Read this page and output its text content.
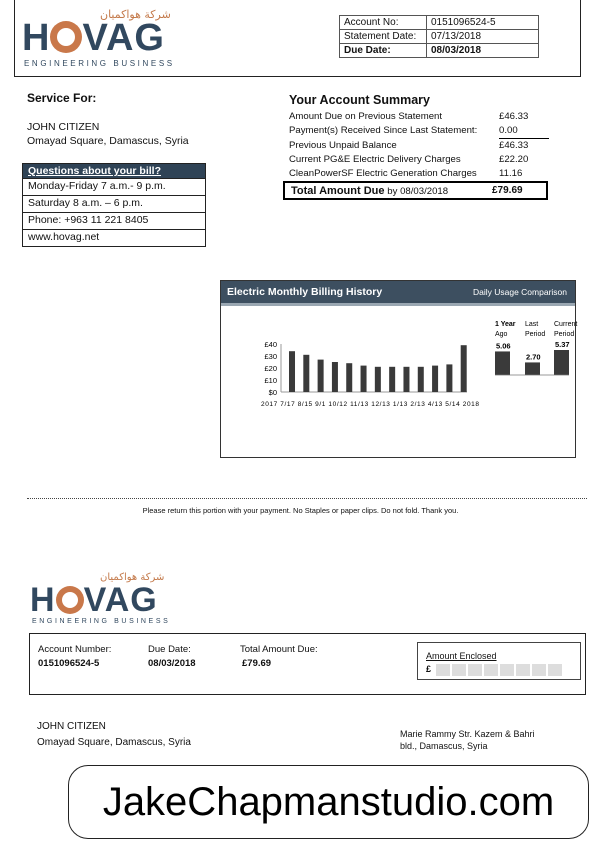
شركة هواكميان
H VAG
ENGINEERING BUSINESS
Account No:	0151096524-5
Statement Date:	07/13/2018
Due Date:	08/03/2018
Service For:
JOHN CITIZEN
Omayad Square, Damascus, Syria
Questions about your bill?
Monday-Friday 7 a.m.- 9 p.m.
Saturday 8 a.m. – 6 p.m.
Phone: +963 11 221 8405
www.hovag.net
Your Account Summary
Amount Due on Previous Statement	£46.33
Payment(s) Received Since Last Statement: 0.00
Previous Unpaid Balance	£46.33
Current PG&E Electric Delivery Charges	£22.20
CleanPowerSF Electric Generation Charges 11.16
Total Amount Due by 08/03/2018	£79.69
Electric Monthly Billing History	Daily Usage Comparison
£40
£30
£20
£10
$0
2017 7/17 8/15 9/1 10/12 11/13 12/13 1/13 2/13 4/13 5/14 2018
1 Year
Ago
Last
Period
Current
Period
5.06
2.70
5.37
Please return this portion with your payment. No Staples or paper clips. Do not fold. Thank you.
شركة هواكميان
H VAG
ENGINEERING BUSINESS
Account Number:
0151096524-5
Due Date:
08/03/2018
Total Amount Due:
£79.69
Amount Enclosed
£
JOHN CITIZEN
Omayad Square, Damascus, Syria
Marie Rammy Str. Kazem & Bahri
bld., Damascus, Syria
JakeChapmanstudio.com
